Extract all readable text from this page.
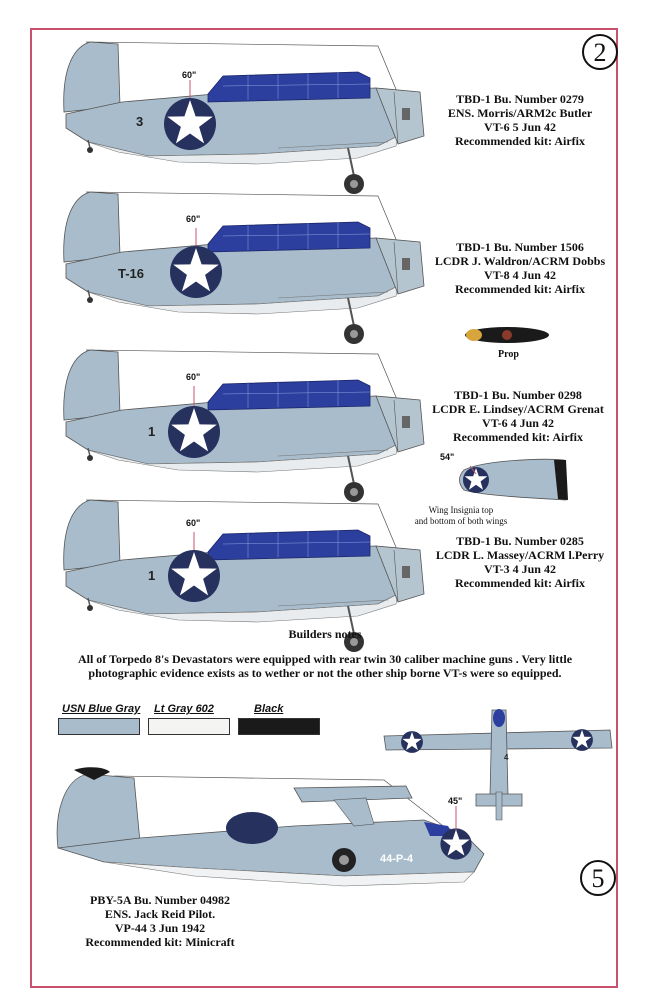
2
5
3
60"
TBD-1 Bu. Number 0279
ENS. Morris/ARM2c Butler
VT-6 5 Jun 42
Recommended kit: Airfix
T-16
60"
TBD-1 Bu. Number 1506
LCDR J. Waldron/ACRM Dobbs
VT-8 4 Jun 42
Recommended kit: Airfix
Prop
1
60"
TBD-1 Bu. Number 0298
LCDR E. Lindsey/ACRM Grenat
VT-6 4 Jun 42
Recommended kit: Airfix
54"
Wing Insignia top
and bottom of both wings
1
60"
TBD-1 Bu. Number 0285
LCDR L. Massey/ACRM l.Perry
VT-3 4 Jun 42
Recommended kit: Airfix
Builders notes
All of Torpedo 8's Devastators were equipped with rear twin 30 caliber machine guns . Very little photographic evidence exists as to wether or not the other ship borne VT-s were so equipped.
USN Blue Gray Lt Gray 602	Black
4
44-P-4
45"
PBY-5A Bu. Number 04982
ENS. Jack Reid Pilot.
VP-44 3 Jun 1942
Recommended kit: Minicraft
